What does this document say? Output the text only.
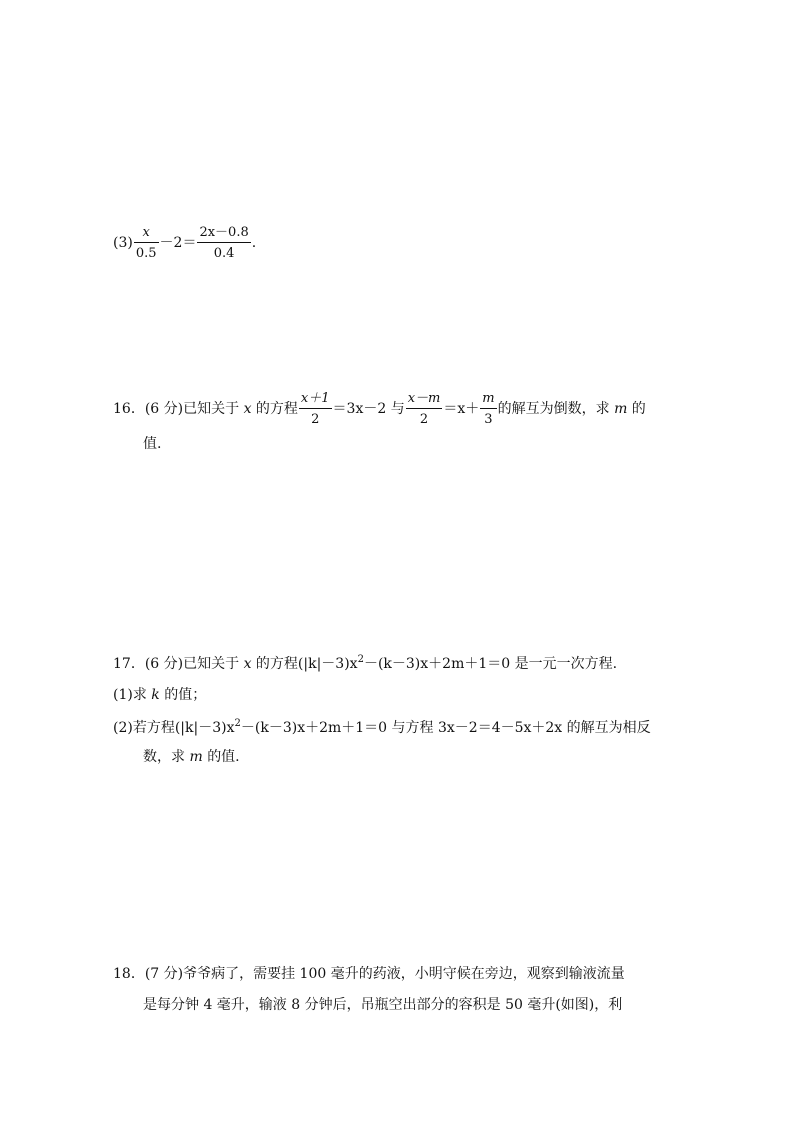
$(3) \frac{x}{0.5} -2= \frac{2x-0.8}{0.4}$ .
16．(6 分)已知关于 x 的方程 $\frac{x+1}{2} =3x-2$ 与 $\frac{x-m}{2} =x+ \frac{m}{3}$ 的解互为倒数，求 m 的
值.
17．(6 分)已知关于 x 的方程$(|k|-3)x^2-(k-3)x+2m+1=0$ 是一元一次方程.
(1)求 k 的值；
(2)若方程$(|k|-3)x^2-(k-3)x+2m+1=0$ 与方程 3x－2＝4－5x＋2x 的解互为相反
数，求 m 的值.
18．(7 分)爷爷病了，需要挂 100 毫升的药液，小明守候在旁边，观察到输液流量
是每分钟 4 毫升，输液 8 分钟后，吊瓶空出部分的容积是 50 毫升(如图)，利
